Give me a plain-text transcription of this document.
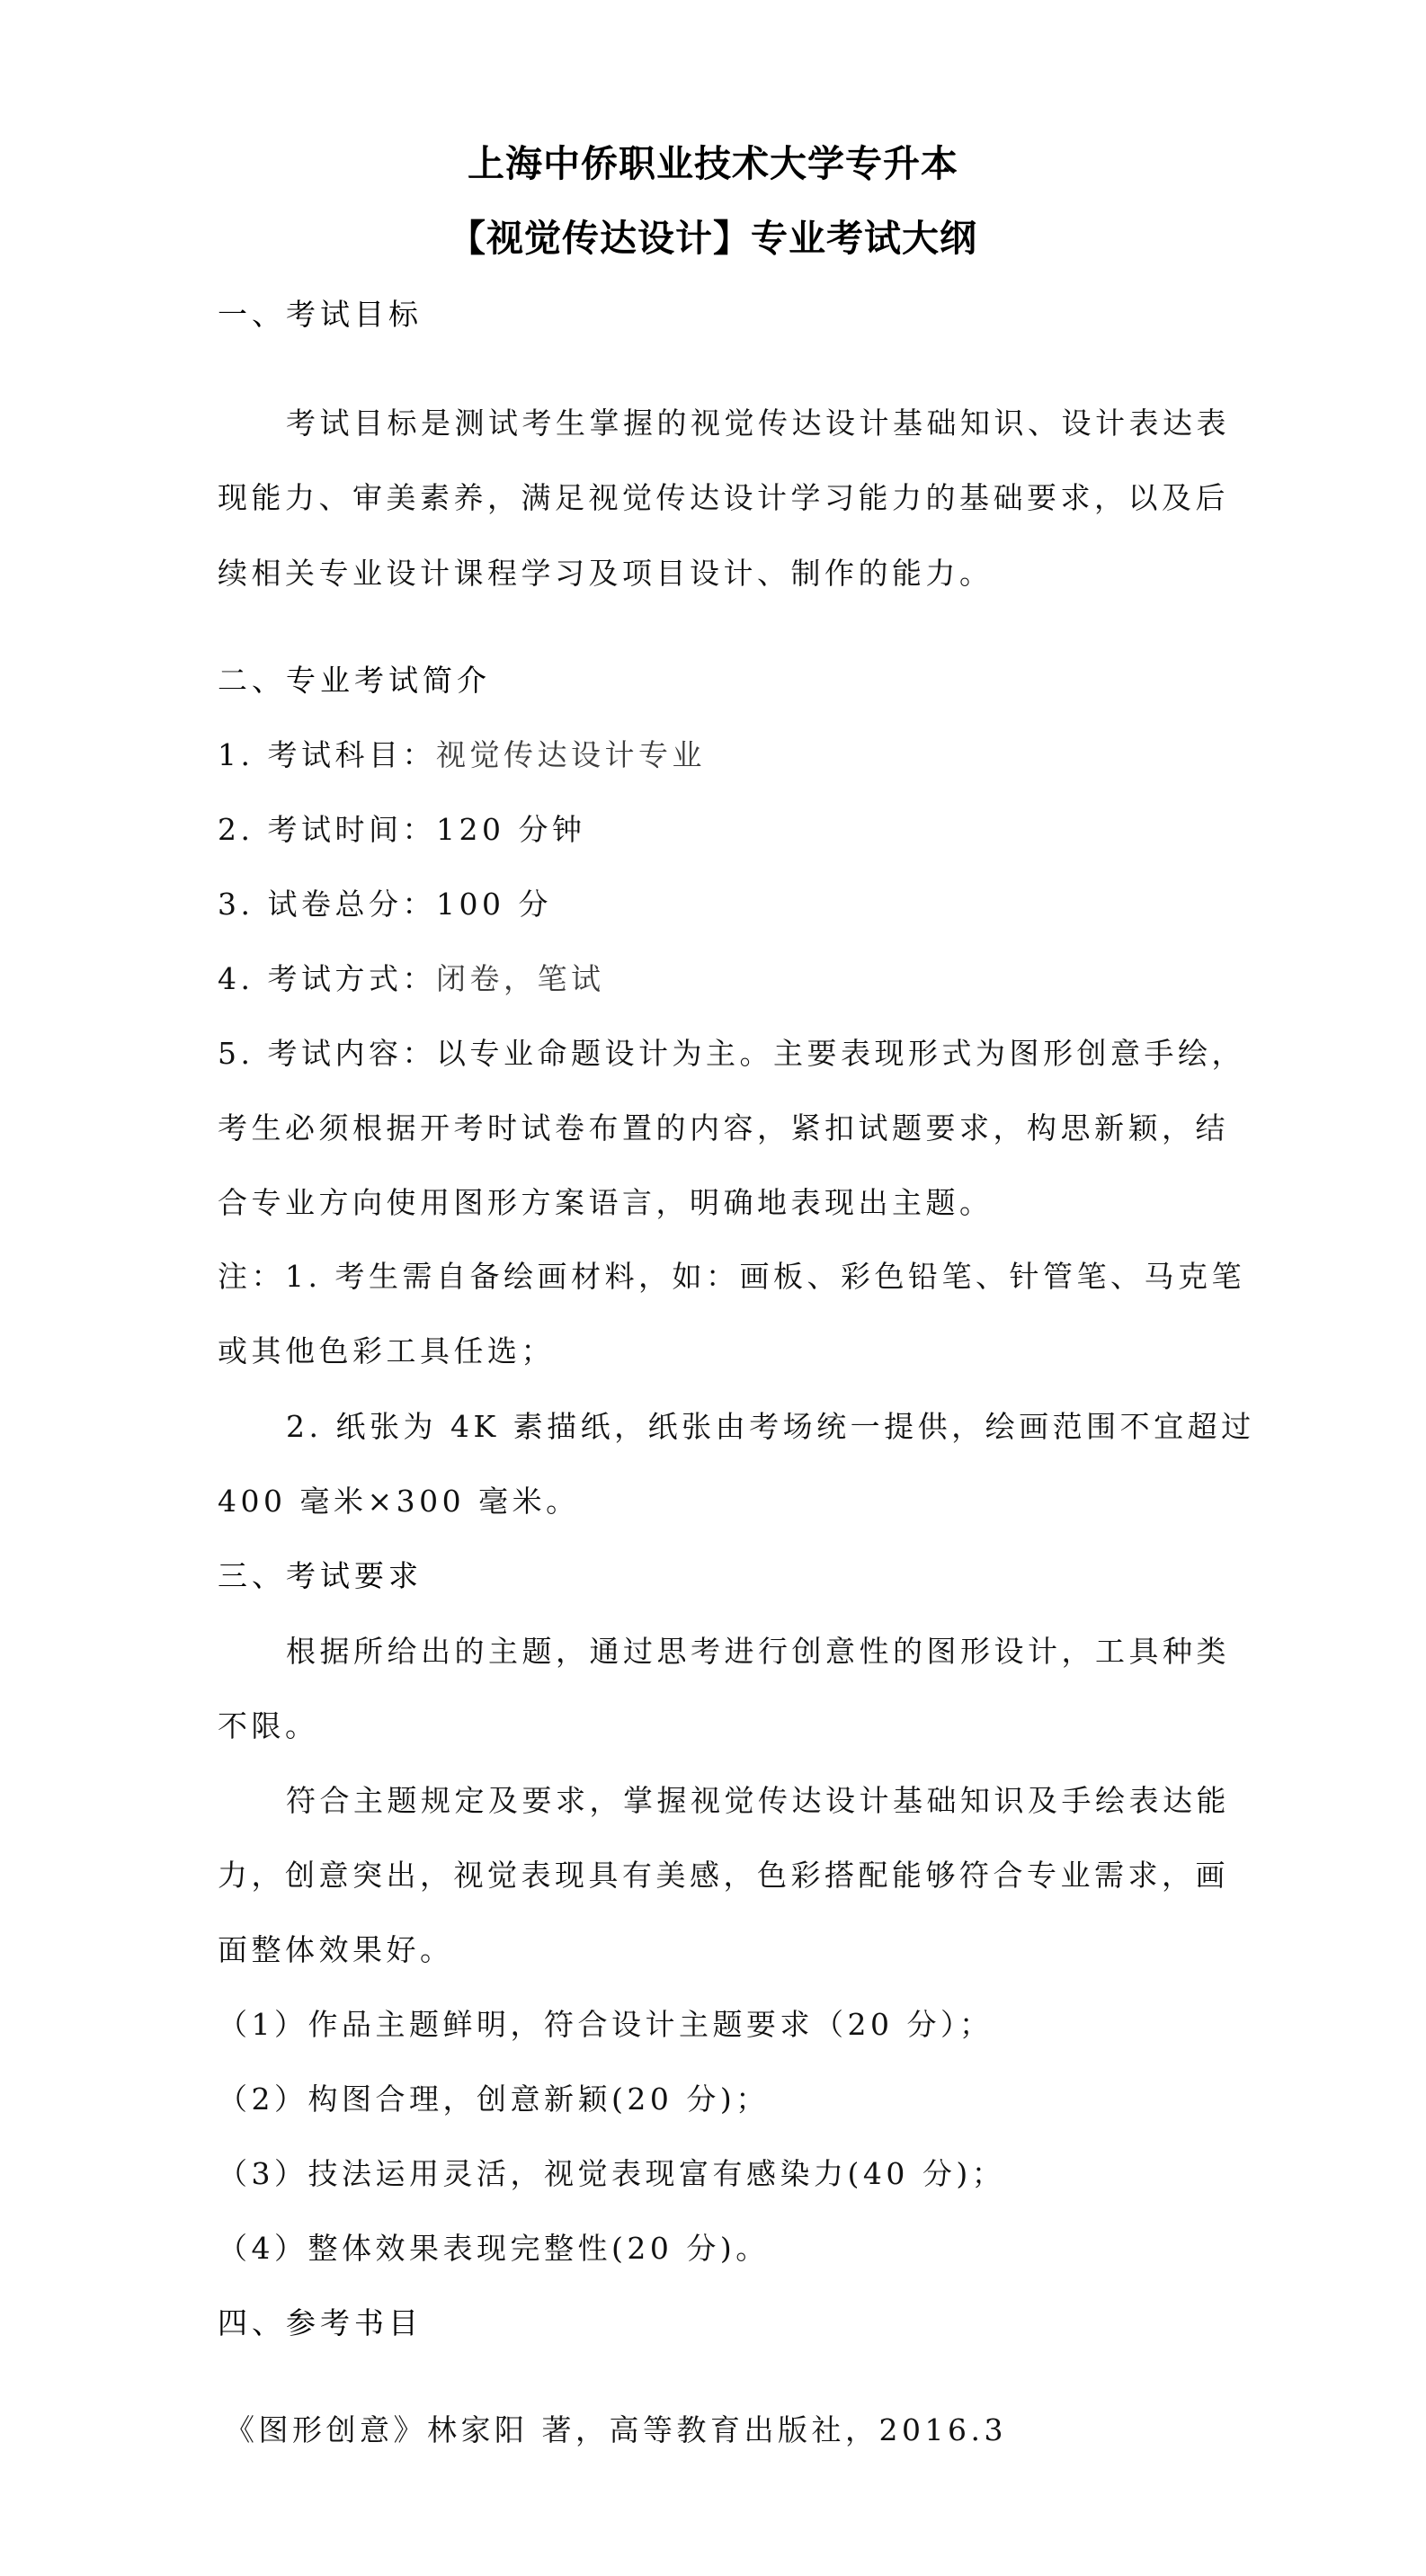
上海中侨职业技术大学专升本
【视觉传达设计】专业考试大纲
一、考试目标
考试目标是测试考生掌握的视觉传达设计基础知识、设计表达表
现能力、审美素养，满足视觉传达设计学习能力的基础要求，以及后
续相关专业设计课程学习及项目设计、制作的能力。
二、专业考试简介
1. 考试科目：视觉传达设计专业
2. 考试时间：120 分钟
3. 试卷总分：100 分
4. 考试方式：闭卷，笔试
5. 考试内容：以专业命题设计为主。主要表现形式为图形创意手绘，
考生必须根据开考时试卷布置的内容，紧扣试题要求，构思新颖，结
合专业方向使用图形方案语言，明确地表现出主题。
注：1. 考生需自备绘画材料，如：画板、彩色铅笔、针管笔、马克笔
或其他色彩工具任选；
2. 纸张为 4K 素描纸，纸张由考场统一提供，绘画范围不宜超过
400 毫米×300 毫米。
三、考试要求
根据所给出的主题，通过思考进行创意性的图形设计，工具种类
不限。
符合主题规定及要求，掌握视觉传达设计基础知识及手绘表达能
力，创意突出，视觉表现具有美感，色彩搭配能够符合专业需求，画
面整体效果好。
（1）作品主题鲜明，符合设计主题要求（20 分）；
（2）构图合理，创意新颖(20 分)；
（3）技法运用灵活，视觉表现富有感染力(40 分)；
（4）整体效果表现完整性(20 分)。
四、参考书目
《图形创意》林家阳 著，高等教育出版社，2016.3
